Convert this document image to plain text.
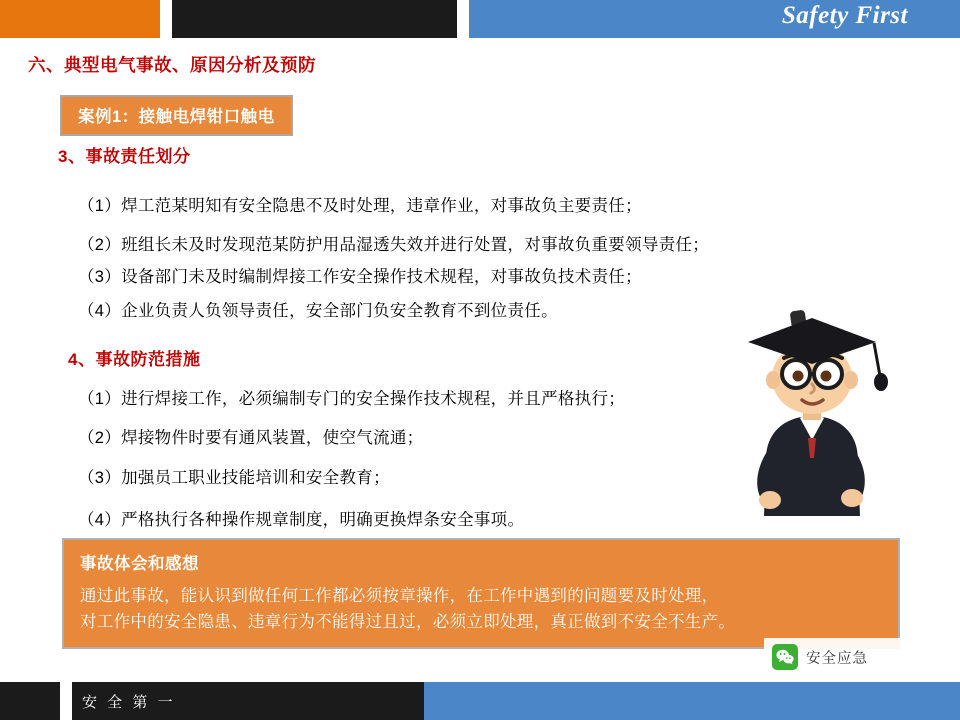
Safety First
六、典型电气事故、原因分析及预防
案例1：接触电焊钳口触电
3、事故责任划分
（1）焊工范某明知有安全隐患不及时处理，违章作业，对事故负主要责任；
（2）班组长未及时发现范某防护用品湿透失效并进行处置，对事故负重要领导责任；
（3）设备部门未及时编制焊接工作安全操作技术规程，对事故负技术责任；
（4）企业负责人负领导责任，安全部门负安全教育不到位责任。
4、事故防范措施
（1）进行焊接工作，必须编制专门的安全操作技术规程，并且严格执行；
（2）焊接物件时要有通风装置，使空气流通；
（3）加强员工职业技能培训和安全教育；
（4）严格执行各种操作规章制度，明确更换焊条安全事项。
事故体会和感想
通过此事故，能认识到做任何工作都必须按章操作，在工作中遇到的问题要及时处理，
对工作中的安全隐患、违章行为不能得过且过，必须立即处理，真正做到不安全不生产。
安全应急
安 全 第 一
